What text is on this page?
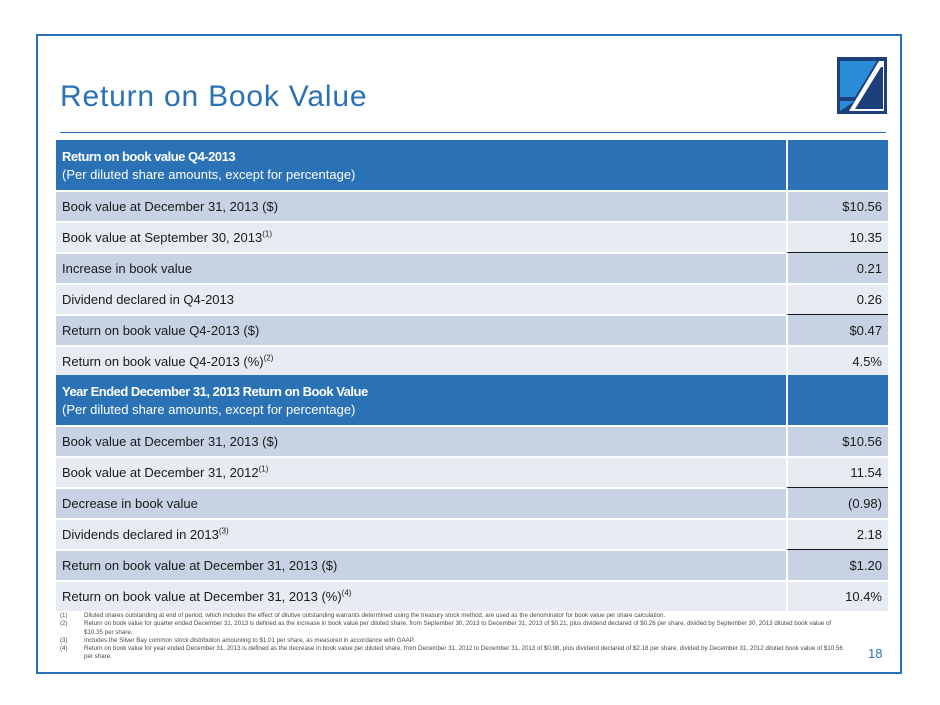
Return on Book Value
Return on book value Q4-2013
(Per diluted share amounts, except for percentage)	

Book value at December 31, 2013 ($)	$10.56
Book value at September 30, 2013$^{(1)}$	10.35
Increase in book value	0.21
Dividend declared in Q4-2013	0.26
Return on book value Q4-2013 ($)	$0.47
Return on book value Q4-2013 (%)$^{(2)}$	4.5%
Year Ended December 31, 2013 Return on Book Value
(Per diluted share amounts, except for percentage)	

Book value at December 31, 2013 ($)	$10.56
Book value at December 31, 2012$^{(1)}$	11.54
Decrease in book value	(0.98)
Dividends declared in 2013$^{(3)}$	2.18
Return on book value at December 31, 2013 ($)	$1.20
Return on book value at December 31, 2013 (%)$^{(4)}$	10.4%
(1)	Diluted shares outstanding at end of period, which includes the effect of dilutive outstanding warrants determined using the treasury stock method, are used as the denominator for book value per share calculation.
(2)	Return on book value for quarter ended December 31, 2013 is defined as the increase in book value per diluted share, from September 30, 2013 to December 31, 2013 of $0.21, plus dividend declared of $0.26 per share, divided by September 30, 2013 diluted book value of $10.35 per share.
(3)	Includes the Silver Bay common stock distribution amounting to $1.01 per share, as measured in accordance with GAAP.
(4)	Return on book value for year ended December 31, 2013 is defined as the decrease in book value per diluted share, from December 31, 2012 to December 31, 2013 of $0.98, plus dividend declared of $2.18 per share, divided by December 31, 2012 diluted book value of $10.56 per share.	18
